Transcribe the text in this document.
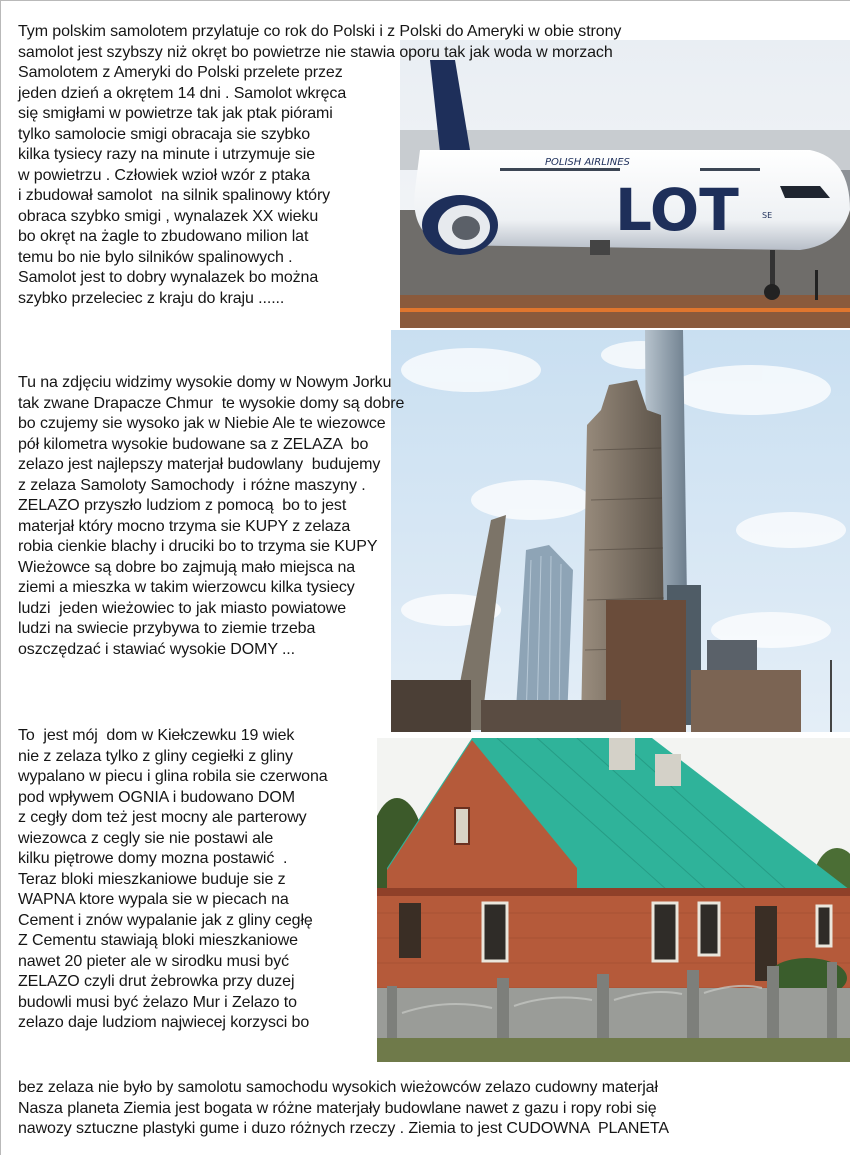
LOT
POLISH AIRLINES
SE
Tym polskim samolotem przylatuje co rok do Polski i z Polski do Ameryki w obie strony
samolot jest szybszy niż okręt bo powietrze nie stawia oporu tak jak woda w morzach
Samolotem z Ameryki do Polski przelete przez
jeden dzień a okrętem 14 dni . Samolot wkręca
się smigłami w powietrze tak jak ptak piórami
tylko samolocie smigi obracaja sie szybko
kilka tysiecy razy na minute i utrzymuje sie
w powietrzu . Człowiek wzioł wzór z ptaka
i zbudował samolot  na silnik spalinowy który
obraca szybko smigi , wynalazek XX wieku
bo okręt na żagle to zbudowano milion lat
temu bo nie bylo silników spalinowych .
Samolot jest to dobry wynalazek bo można
szybko przeleciec z kraju do kraju ......
Tu na zdjęciu widzimy wysokie domy w Nowym Jorku
tak zwane Drapacze Chmur  te wysokie domy są dobre
bo czujemy sie wysoko jak w Niebie Ale te wiezowce
pół kilometra wysokie budowane sa z ZELAZA  bo
zelazo jest najlepszy materjał budowlany  budujemy
z zelaza Samoloty Samochody  i różne maszyny .
ZELAZO przyszło ludziom z pomocą  bo to jest
materjał który mocno trzyma sie KUPY z zelaza
robia cienkie blachy i druciki bo to trzyma sie KUPY
Wieżowce są dobre bo zajmują mało miejsca na
ziemi a mieszka w takim wierzowcu kilka tysiecy
ludzi  jeden wieżowiec to jak miasto powiatowe
ludzi na swiecie przybywa to ziemie trzeba
oszczędzać i stawiać wysokie DOMY ...
To  jest mój  dom w Kiełczewku 19 wiek
nie z zelaza tylko z gliny cegiełki z gliny
wypalano w piecu i glina robila sie czerwona
pod wpływem OGNIA i budowano DOM
z cegły dom też jest mocny ale parterowy
wiezowca z cegly sie nie postawi ale
kilku piętrowe domy mozna postawić  .
Teraz bloki mieszkaniowe buduje sie z
WAPNA ktore wypala sie w piecach na
Cement i znów wypalanie jak z gliny cegłę
Z Cementu stawiają bloki mieszkaniowe
nawet 20 pieter ale w sirodku musi być
ZELAZO czyli drut żebrowka przy duzej
budowli musi być żelazo Mur i Zelazo to
zelazo daje ludziom najwiecej korzysci bo
bez zelaza nie było by samolotu samochodu wysokich wieżowców zelazo cudowny materjał
Nasza planeta Ziemia jest bogata w różne materjały budowlane nawet z gazu i ropy robi się
nawozy sztuczne plastyki gume i duzo różnych rzeczy . Ziemia to jest CUDOWNA  PLANETA
